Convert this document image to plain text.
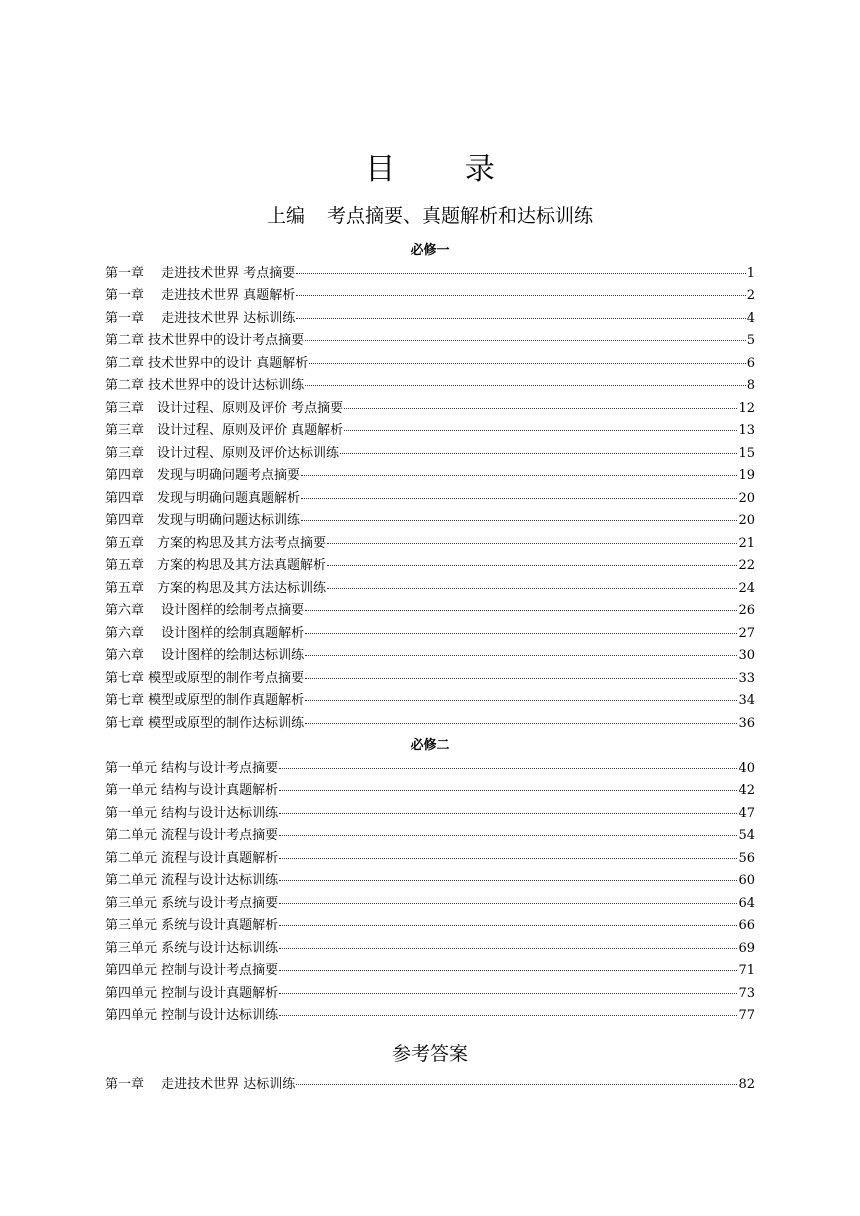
目 录
上编 考点摘要、真题解析和达标训练
必修一
第一章　 走进技术世界 考点摘要	1
第一章　 走进技术世界 真题解析	2
第一章　 走进技术世界 达标训练	4
第二章 技术世界中的设计考点摘要	5
第二章 技术世界中的设计 真题解析	6
第二章 技术世界中的设计达标训练	8
第三章　设计过程、原则及评价 考点摘要	12
第三章　设计过程、原则及评价 真题解析	13
第三章　设计过程、原则及评价达标训练	15
第四章　发现与明确问题考点摘要	19
第四章　发现与明确问题真题解析	20
第四章　发现与明确问题达标训练	20
第五章　方案的构思及其方法考点摘要	21
第五章　方案的构思及其方法真题解析	22
第五章　方案的构思及其方法达标训练	24
第六章　 设计图样的绘制考点摘要	26
第六章　 设计图样的绘制真题解析	27
第六章　 设计图样的绘制达标训练	30
第七章 模型或原型的制作考点摘要	33
第七章 模型或原型的制作真题解析	34
第七章 模型或原型的制作达标训练	36
必修二
第一单元 结构与设计考点摘要	40
第一单元 结构与设计真题解析	42
第一单元 结构与设计达标训练	47
第二单元 流程与设计考点摘要	54
第二单元 流程与设计真题解析	56
第二单元 流程与设计达标训练	60
第三单元 系统与设计考点摘要	64
第三单元 系统与设计真题解析	66
第三单元 系统与设计达标训练	69
第四单元 控制与设计考点摘要	71
第四单元 控制与设计真题解析	73
第四单元 控制与设计达标训练	77
参考答案
第一章　 走进技术世界 达标训练	82
